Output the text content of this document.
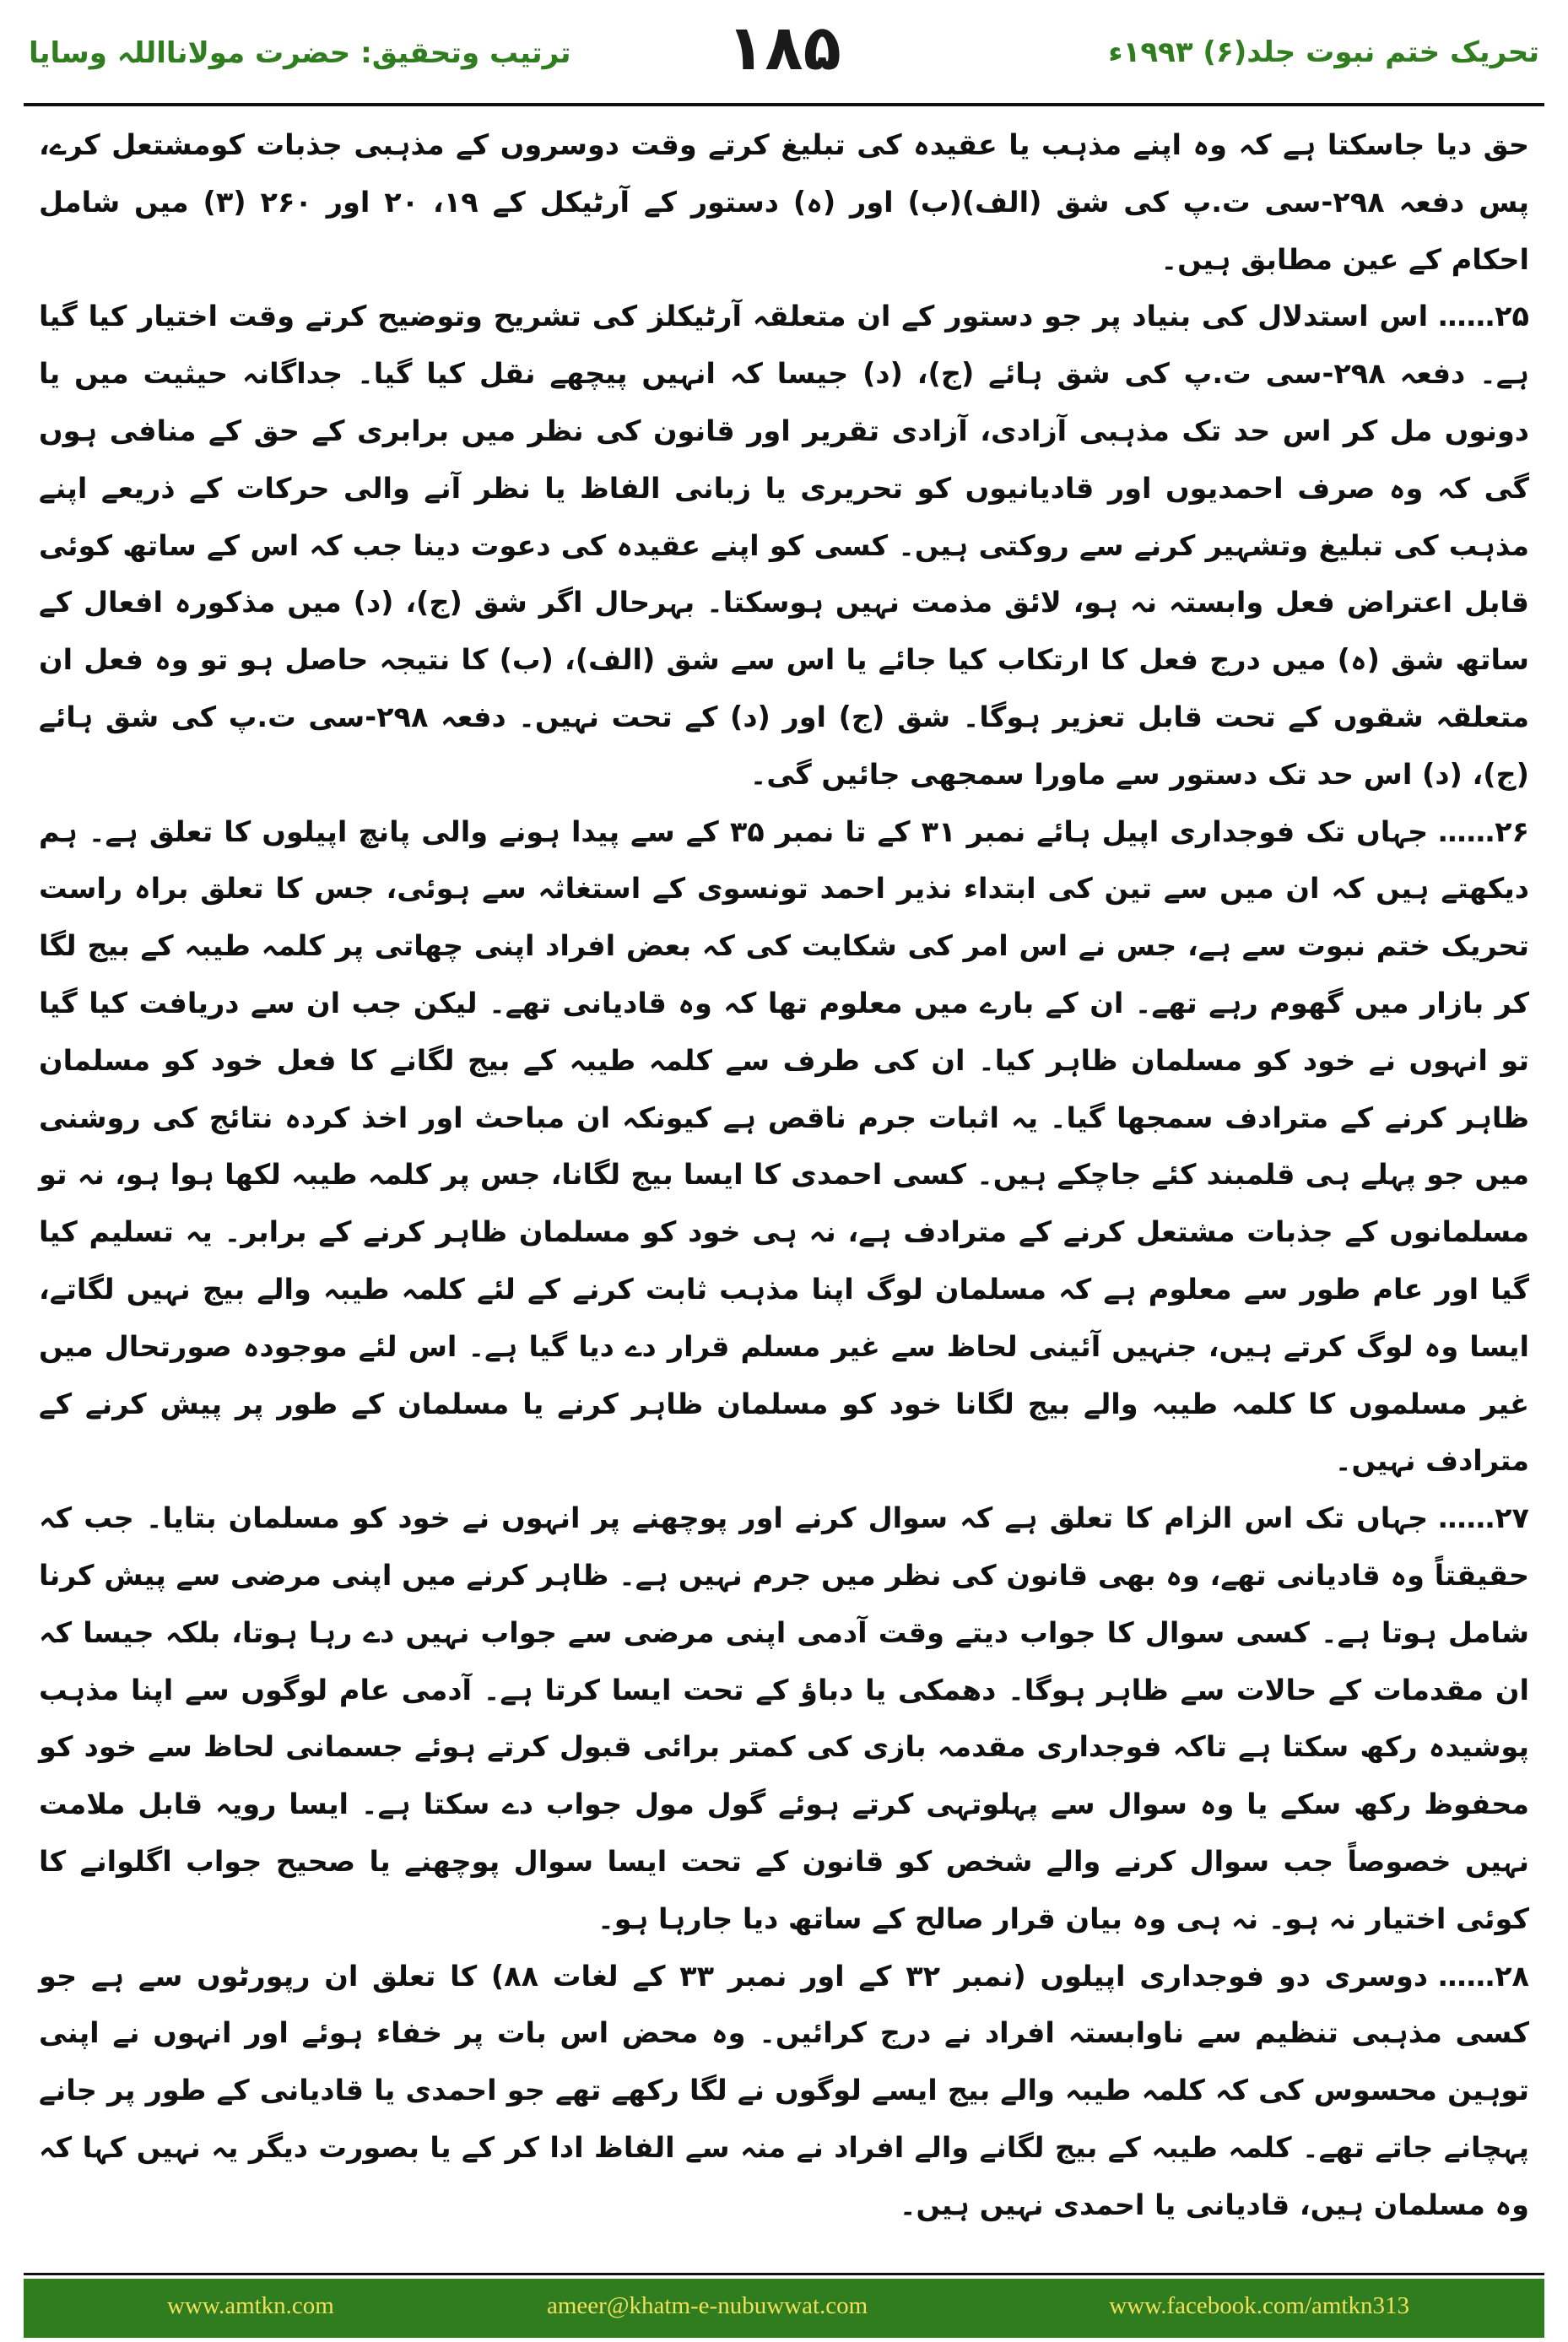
ترتیب وتحقیق: حضرت مولانااللہ وسایا	۱۸۵	تحریک ختم نبوت جلد(۶) ۱۹۹۳ء

حق دیا جاسکتا ہے کہ وہ اپنے مذہب یا عقیدہ کی تبلیغ کرتے وقت دوسروں کے مذہبی جذبات کومشتعل کرے، پس دفعہ ۲۹۸-سی ت.پ کی شق (الف)(ب) اور (ہ) دستور کے آرٹیکل کے ۱۹، ۲۰ اور ۲۶۰ (۳) میں شامل احکام کے عین مطابق ہیں۔

۲۵……اس استدلال کی بنیاد پر جو دستور کے ان متعلقہ آرٹیکلز کی تشریح وتوضیح کرتے وقت اختیار کیا گیا ہے۔ دفعہ ۲۹۸-سی ت.پ کی شق ہائے (ج)، (د) جیسا کہ انہیں پیچھے نقل کیا گیا۔ جداگانہ حیثیت میں یا دونوں مل کر اس حد تک مذہبی آزادی، آزادی تقریر اور قانون کی نظر میں برابری کے حق کے منافی ہوں گی کہ وہ صرف احمدیوں اور قادیانیوں کو تحریری یا زبانی الفاظ یا نظر آنے والی حرکات کے ذریعے اپنے مذہب کی تبلیغ وتشہیر کرنے سے روکتی ہیں۔ کسی کو اپنے عقیدہ کی دعوت دینا جب کہ اس کے ساتھ کوئی قابل اعتراض فعل وابستہ نہ ہو، لائق مذمت نہیں ہوسکتا۔ بہرحال اگر شق (ج)، (د) میں مذکورہ افعال کے ساتھ شق (ہ) میں درج فعل کا ارتکاب کیا جائے یا اس سے شق (الف)، (ب) کا نتیجہ حاصل ہو تو وہ فعل ان متعلقہ شقوں کے تحت قابل تعزیر ہوگا۔ شق (ج) اور (د) کے تحت نہیں۔ دفعہ ۲۹۸-سی ت.پ کی شق ہائے (ج)، (د) اس حد تک دستور سے ماورا سمجھی جائیں گی۔

۲۶……جہاں تک فوجداری اپیل ہائے نمبر ۳۱ کے تا نمبر ۳۵ کے سے پیدا ہونے والی پانچ اپیلوں کا تعلق ہے۔ ہم دیکھتے ہیں کہ ان میں سے تین کی ابتداء نذیر احمد تونسوی کے استغاثہ سے ہوئی، جس کا تعلق براہ راست تحریک ختم نبوت سے ہے، جس نے اس امر کی شکایت کی کہ بعض افراد اپنی چھاتی پر کلمہ طیبہ کے بیج لگا کر بازار میں گھوم رہے تھے۔ ان کے بارے میں معلوم تھا کہ وہ قادیانی تھے۔ لیکن جب ان سے دریافت کیا گیا تو انہوں نے خود کو مسلمان ظاہر کیا۔ ان کی طرف سے کلمہ طیبہ کے بیج لگانے کا فعل خود کو مسلمان ظاہر کرنے کے مترادف سمجھا گیا۔ یہ اثبات جرم ناقص ہے کیونکہ ان مباحث اور اخذ کردہ نتائج کی روشنی میں جو پہلے ہی قلمبند کئے جاچکے ہیں۔ کسی احمدی کا ایسا بیج لگانا، جس پر کلمہ طیبہ لکھا ہوا ہو، نہ تو مسلمانوں کے جذبات مشتعل کرنے کے مترادف ہے، نہ ہی خود کو مسلمان ظاہر کرنے کے برابر۔ یہ تسلیم کیا گیا اور عام طور سے معلوم ہے کہ مسلمان لوگ اپنا مذہب ثابت کرنے کے لئے کلمہ طیبہ والے بیج نہیں لگاتے، ایسا وہ لوگ کرتے ہیں، جنہیں آئینی لحاظ سے غیر مسلم قرار دے دیا گیا ہے۔ اس لئے موجودہ صورتحال میں غیر مسلموں کا کلمہ طیبہ والے بیج لگانا خود کو مسلمان ظاہر کرنے یا مسلمان کے طور پر پیش کرنے کے مترادف نہیں۔

۲۷……جہاں تک اس الزام کا تعلق ہے کہ سوال کرنے اور پوچھنے پر انہوں نے خود کو مسلمان بتایا۔ جب کہ حقیقتاً وہ قادیانی تھے، وہ بھی قانون کی نظر میں جرم نہیں ہے۔ ظاہر کرنے میں اپنی مرضی سے پیش کرنا شامل ہوتا ہے۔ کسی سوال کا جواب دیتے وقت آدمی اپنی مرضی سے جواب نہیں دے رہا ہوتا، بلکہ جیسا کہ ان مقدمات کے حالات سے ظاہر ہوگا۔ دھمکی یا دباؤ کے تحت ایسا کرتا ہے۔ آدمی عام لوگوں سے اپنا مذہب پوشیدہ رکھ سکتا ہے تاکہ فوجداری مقدمہ بازی کی کمتر برائی قبول کرتے ہوئے جسمانی لحاظ سے خود کو محفوظ رکھ سکے یا وہ سوال سے پہلوتہی کرتے ہوئے گول مول جواب دے سکتا ہے۔ ایسا رویہ قابل ملامت نہیں خصوصاً جب سوال کرنے والے شخص کو قانون کے تحت ایسا سوال پوچھنے یا صحیح جواب اگلوانے کا کوئی اختیار نہ ہو۔ نہ ہی وہ بیان قرار صالح کے ساتھ دیا جارہا ہو۔

۲۸……دوسری دو فوجداری اپیلوں (نمبر ۳۲ کے اور نمبر ۳۳ کے لغات ۸۸) کا تعلق ان رپورٹوں سے ہے جو کسی مذہبی تنظیم سے ناوابستہ افراد نے درج کرائیں۔ وہ محض اس بات پر خفاء ہوئے اور انہوں نے اپنی توہین محسوس کی کہ کلمہ طیبہ والے بیج ایسے لوگوں نے لگا رکھے تھے جو احمدی یا قادیانی کے طور پر جانے پہچانے جاتے تھے۔ کلمہ طیبہ کے بیج لگانے والے افراد نے منہ سے الفاظ ادا کر کے یا بصورت دیگر یہ نہیں کہا کہ وہ مسلمان ہیں، قادیانی یا احمدی نہیں ہیں۔

www.amtkn.com	ameer@khatm-e-nubuwwat.com	www.facebook.com/amtkn313
